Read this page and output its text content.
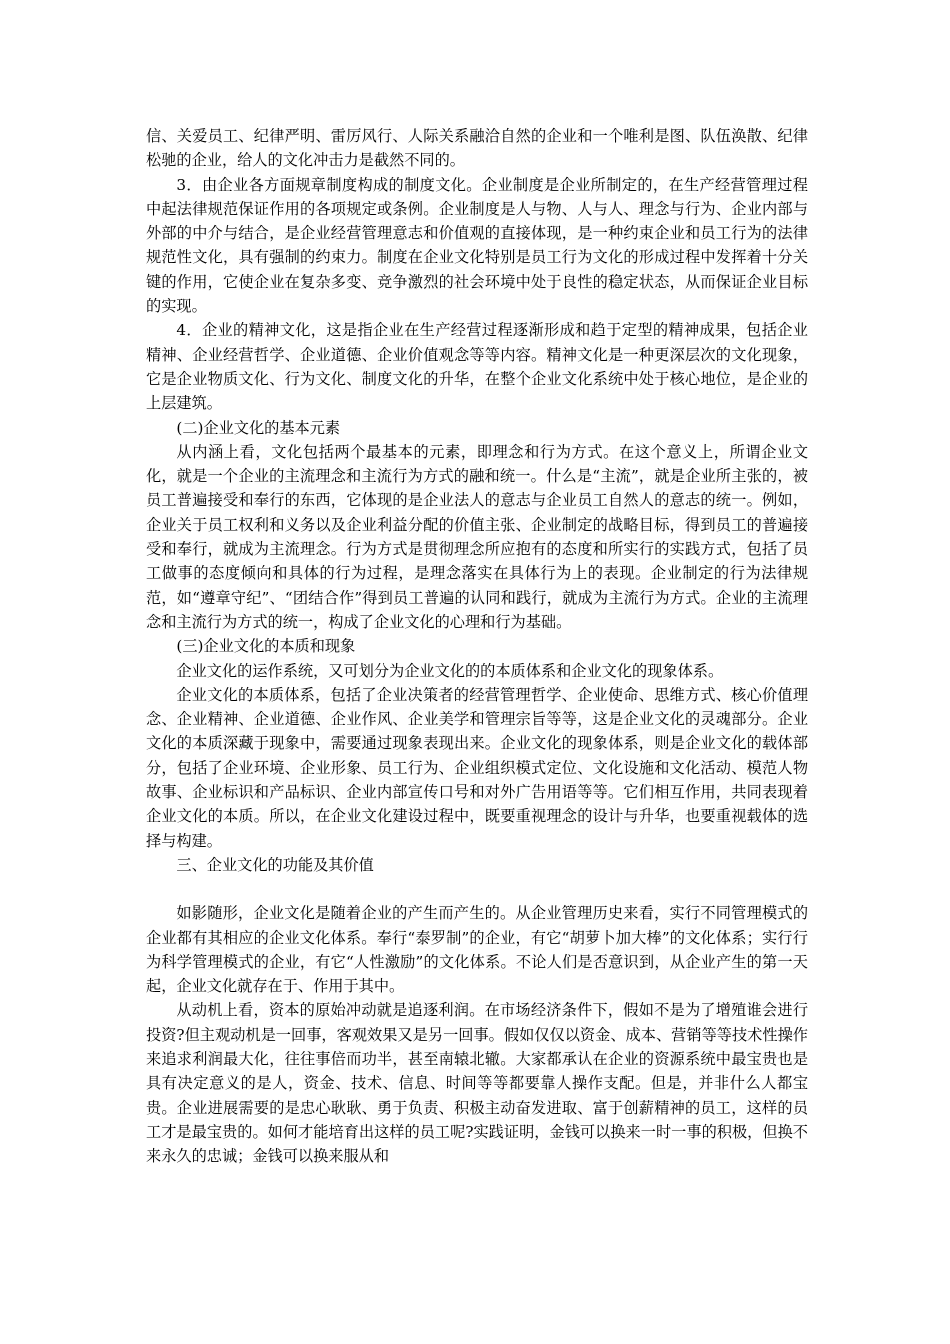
信、关爱员工、纪律严明、雷厉风行、人际关系融洽自然的企业和一个唯利是图、队伍涣散、纪律松驰的企业，给人的文化冲击力是截然不同的。

3．由企业各方面规章制度构成的制度文化。企业制度是企业所制定的，在生产经营管理过程中起法律规范保证作用的各项规定或条例。企业制度是人与物、人与人、理念与行为、企业内部与外部的中介与结合，是企业经营管理意志和价值观的直接体现，是一种约束企业和员工行为的法律规范性文化，具有强制的约束力。制度在企业文化特别是员工行为文化的形成过程中发挥着十分关键的作用，它使企业在复杂多变、竞争激烈的社会环境中处于良性的稳定状态，从而保证企业目标的实现。

4．企业的精神文化，这是指企业在生产经营过程逐渐形成和趋于定型的精神成果，包括企业精神、企业经营哲学、企业道德、企业价值观念等等内容。精神文化是一种更深层次的文化现象，它是企业物质文化、行为文化、制度文化的升华，在整个企业文化系统中处于核心地位，是企业的上层建筑。

(二)企业文化的基本元素

从内涵上看，文化包括两个最基本的元素，即理念和行为方式。在这个意义上，所谓企业文化，就是一个企业的主流理念和主流行为方式的融和统一。什么是“主流”，就是企业所主张的，被员工普遍接受和奉行的东西，它体现的是企业法人的意志与企业员工自然人的意志的统一。例如，企业关于员工权利和义务以及企业利益分配的价值主张、企业制定的战略目标，得到员工的普遍接受和奉行，就成为主流理念。行为方式是贯彻理念所应抱有的态度和所实行的实践方式，包括了员工做事的态度倾向和具体的行为过程，是理念落实在具体行为上的表现。企业制定的行为法律规范，如“遵章守纪”、“团结合作”得到员工普遍的认同和践行，就成为主流行为方式。企业的主流理念和主流行为方式的统一，构成了企业文化的心理和行为基础。

(三)企业文化的本质和现象

企业文化的运作系统，又可划分为企业文化的的本质体系和企业文化的现象体系。

企业文化的本质体系，包括了企业决策者的经营管理哲学、企业使命、思维方式、核心价值理念、企业精神、企业道德、企业作风、企业美学和管理宗旨等等，这是企业文化的灵魂部分。企业文化的本质深藏于现象中，需要通过现象表现出来。企业文化的现象体系，则是企业文化的载体部分，包括了企业环境、企业形象、员工行为、企业组织模式定位、文化设施和文化活动、模范人物故事、企业标识和产品标识、企业内部宣传口号和对外广告用语等等。它们相互作用，共同表现着企业文化的本质。所以，在企业文化建设过程中，既要重视理念的设计与升华，也要重视载体的选择与构建。

三、企业文化的功能及其价值

如影随形，企业文化是随着企业的产生而产生的。从企业管理历史来看，实行不同管理模式的企业都有其相应的企业文化体系。奉行“泰罗制”的企业，有它“胡萝卜加大棒”的文化体系；实行行为科学管理模式的企业，有它“人性激励”的文化体系。不论人们是否意识到，从企业产生的第一天起，企业文化就存在于、作用于其中。

从动机上看，资本的原始冲动就是追逐利润。在市场经济条件下，假如不是为了增殖谁会进行投资?但主观动机是一回事，客观效果又是另一回事。假如仅仅以资金、成本、营销等等技术性操作来追求利润最大化，往往事倍而功半，甚至南辕北辙。大家都承认在企业的资源系统中最宝贵也是具有决定意义的是人，资金、技术、信息、时间等等都要靠人操作支配。但是，并非什么人都宝贵。企业进展需要的是忠心耿耿、勇于负责、积极主动奋发进取、富于创薪精神的员工，这样的员工才是最宝贵的。如何才能培育出这样的员工呢?实践证明，金钱可以换来一时一事的积极，但换不来永久的忠诚；金钱可以换来服从和
